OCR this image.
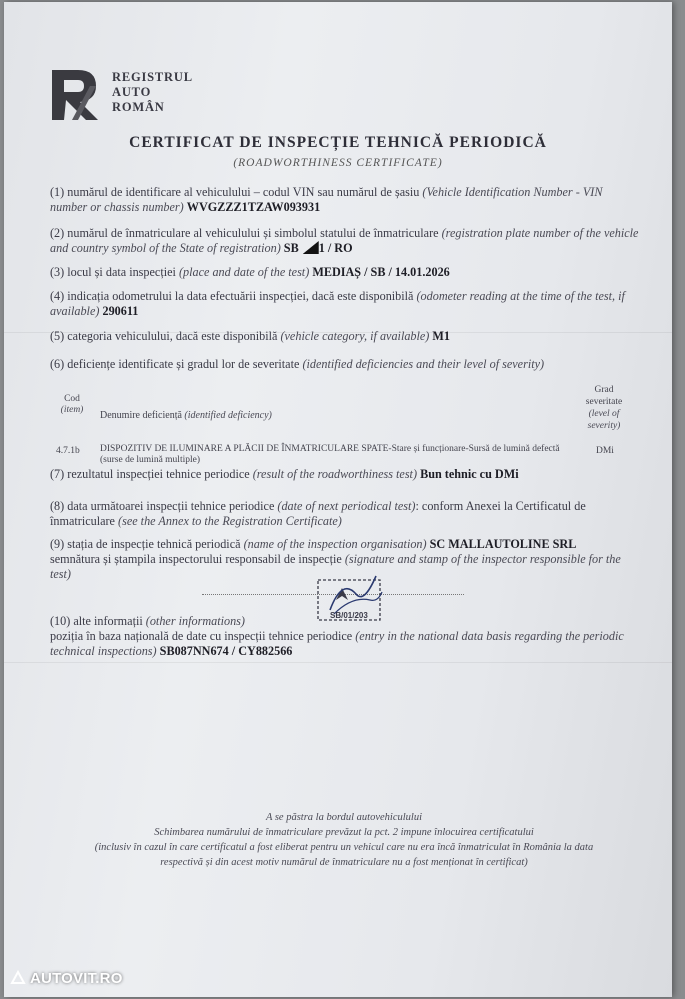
REGISTRUL
AUTO
ROMÂN
CERTIFICAT DE INSPECȚIE TEHNICĂ PERIODICĂ
(ROADWORTHINESS CERTIFICATE)
(1) numărul de identificare al vehiculului – codul VIN sau numărul de șasiu (Vehicle Identification Number - VIN number or chassis number) WVGZZZ1TZAW093931
(2) numărul de înmatriculare al vehiculului și simbolul statului de înmatriculare (registration plate number of the vehicle and country symbol of the State of registration) SB 1 / RO
(3) locul și data inspecției (place and date of the test) MEDIAȘ / SB / 14.01.2026
(4) indicația odometrului la data efectuării inspecției, dacă este disponibilă (odometer reading at the time of the test, if available) 290611
(5) categoria vehiculului, dacă este disponibilă (vehicle category, if available) M1
(6) deficiențe identificate și gradul lor de severitate (identified deficiencies and their level of severity)
Cod
(item) Denumire deficiență (identified deficiency)
Grad
severitate
(level of
severity)
4.7.1b DISPOZITIV DE ILUMINARE A PLĂCII DE ÎNMATRICULARE SPATE-Stare și funcționare-Sursă de lumină defectă (surse de lumină multiple)
DMi
(7) rezultatul inspecției tehnice periodice (result of the roadworthiness test) Bun tehnic cu DMi
(8) data următoarei inspecții tehnice periodice (date of next periodical test): conform Anexei la Certificatul de înmatriculare (see the Annex to the Registration Certificate)
(9) stația de inspecție tehnică periodică (name of the inspection organisation) SC MALLAUTOLINE SRL
semnătura și ștampila inspectorului responsabil de inspecție (signature and stamp of the inspector responsible for the test)
SB/01/203
(10) alte informații (other informations)
poziția în baza națională de date cu inspecții tehnice periodice (entry in the national data basis regarding the periodic technical inspections) SB087NN674 / CY882566
A se păstra la bordul autovehiculului
Schimbarea numărului de înmatriculare prevăzut la pct. 2 impune înlocuirea certificatului
(inclusiv în cazul în care certificatul a fost eliberat pentru un vehicul care nu era încă înmatriculat în România la data
respectivă și din acest motiv numărul de înmatriculare nu a fost menționat în certificat)
AUTOVIT.RO
